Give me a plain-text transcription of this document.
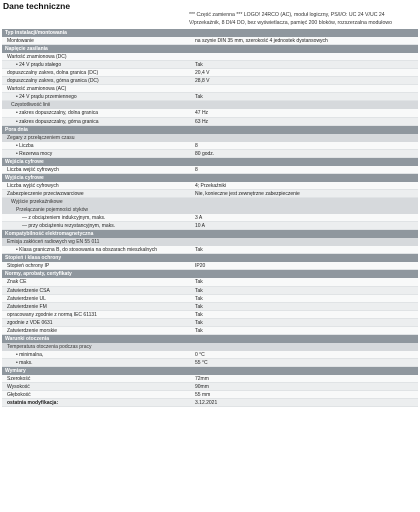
Dane techniczne
*** Część zamienna *** LOGO! 24RCO (AC), moduł logiczny, PS/I/O: UC 24 V/UC 24 V/przekaźnik, 8 DI/4 DO, bez wyświetlacza, pamięć 200 bloków, rozszerzalna modułowo
Typ instalacji/montowania
Montowanie	na szynie DIN 35 mm, szerokość 4 jednostek dystansowych
Napięcie zasilania
Wartość znamionowa (DC)
• 24 V prądu stałego	Tak
dopuszczalny zakres, dolna granica (DC)	20,4 V
dopuszczalny zakres, górna granica (DC)	28,8 V
Wartość znamionowa (AC)
• 24 V prądu przemiennego	Tak
Częstotliwość linii
• zakres dopuszczalny, dolna granica	47 Hz
• zakres dopuszczalny, górna granica	63 Hz
Pora dnia
Zegary z przełączeniem czasu
• Liczba	8
• Rezerwa mocy	80 godz.
Wejścia cyfrowe
Liczba wejść cyfrowych	8
Wyjścia cyfrowe
Liczba wyjść cyfrowych	4; Przekaźniki
Zabezpieczenie przeciwzwarciowe	Nie, konieczne jest zewnętrzne zabezpieczenie
Wyjście przekaźnikowe
Przełączanie pojemności styków
— z obciążeniem indukcyjnym, maks.	3 A
— przy obciążeniu rezystancyjnym, maks.	10 A
Kompatybilność elektromagnetyczna
Emisja zakłóceń radiowych wg EN 55 011
• Klasa graniczna B, do stosowania na obszarach mieszkalnych	Tak
Stopień i klasa ochrony
Stopień ochrony IP	IP20
Normy, aprobaty, certyfikaty
Znak CE	Tak
Zatwierdzenie CSA	Tak
Zatwierdzenie UL	Tak
Zatwierdzenie FM	Tak
opracowany zgodnie z normą IEC 61131	Tak
zgodnie z VDE 0631	Tak
Zatwierdzenie morskie	Tak
Warunki otoczenia
Temperatura otoczenia podczas pracy
• minimalna,	0 °C
• maks.	55 °C
Wymiary
Szerokość	72mm
Wysokość	90mm
Głębokość	55 mm
ostatnia modyfikacja:	3.12.2021
